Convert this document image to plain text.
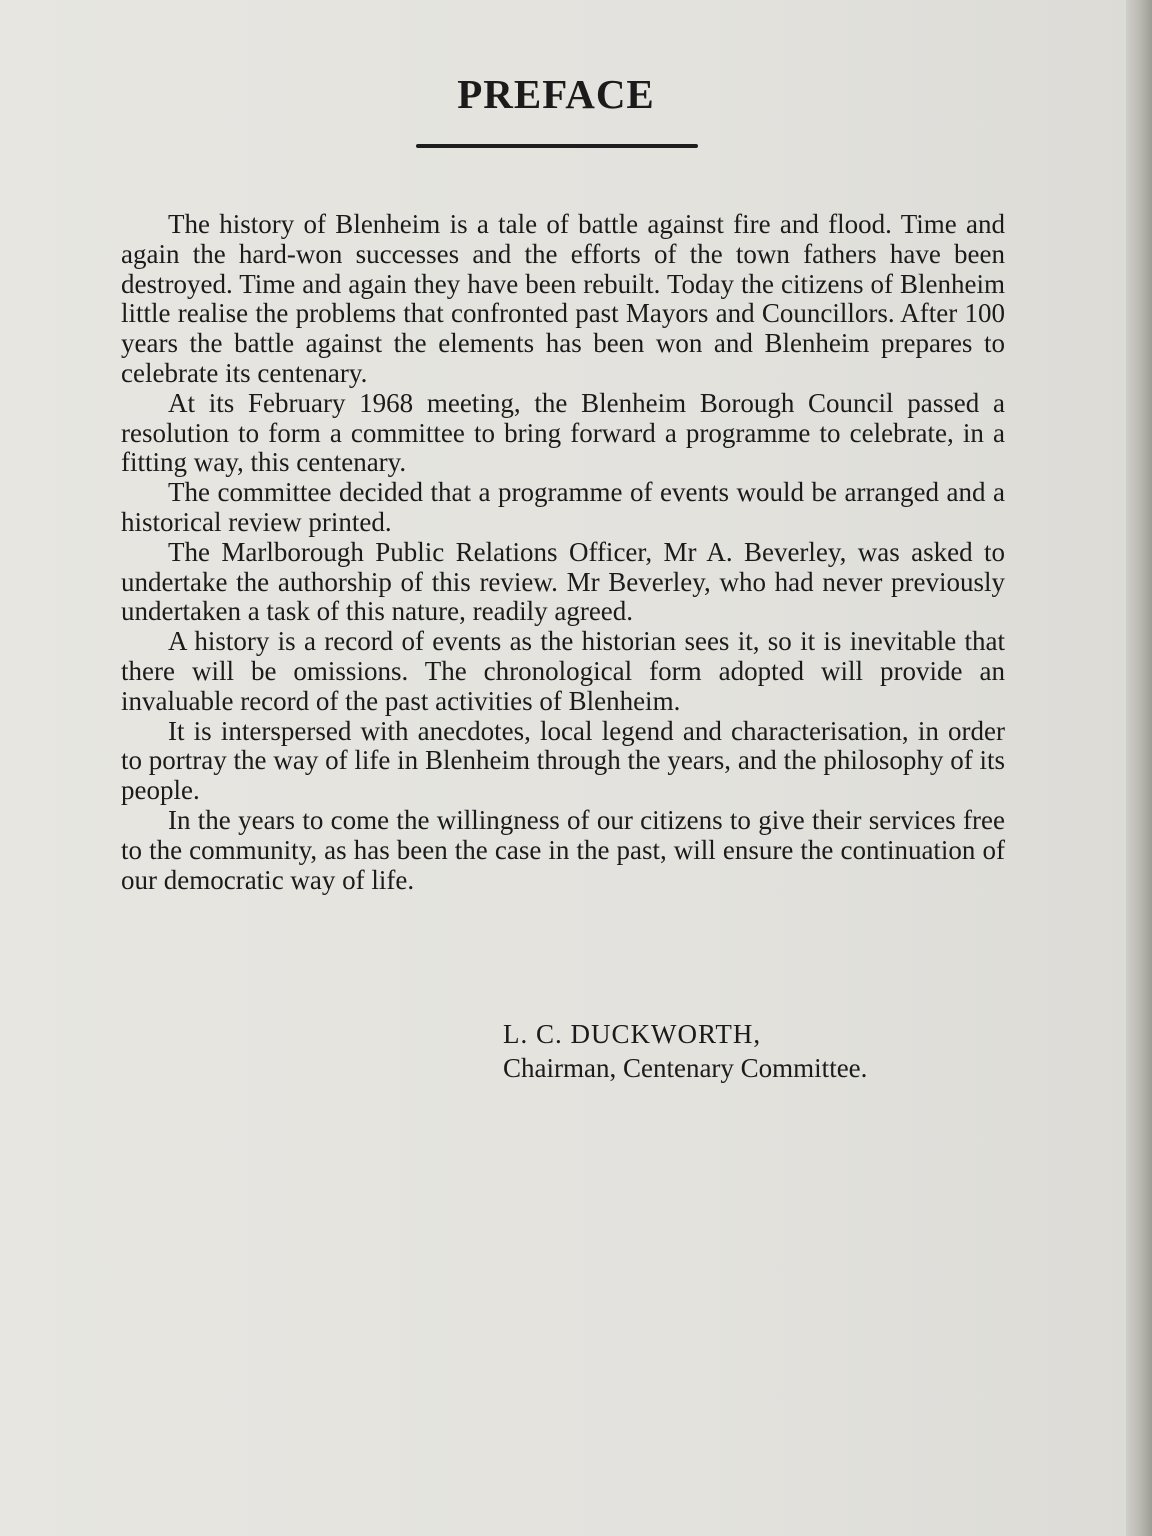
PREFACE

The history of Blenheim is a tale of battle against fire and flood. Time and again the hard-won successes and the efforts of the town fathers have been destroyed. Time and again they have been rebuilt. Today the citizens of Blenheim little realise the problems that confronted past Mayors and Councillors. After 100 years the battle against the elements has been won and Blenheim prepares to celebrate its centenary.

At its February 1968 meeting, the Blenheim Borough Council passed a resolution to form a committee to bring forward a programme to celebrate, in a fitting way, this centenary.

The committee decided that a programme of events would be arranged and a historical review printed.

The Marlborough Public Relations Officer, Mr A. Beverley, was asked to undertake the authorship of this review. Mr Beverley, who had never previously undertaken a task of this nature, readily agreed.

A history is a record of events as the historian sees it, so it is inevitable that there will be omissions. The chronological form adopted will provide an invaluable record of the past activities of Blenheim.

It is interspersed with anecdotes, local legend and characterisation, in order to portray the way of life in Blenheim through the years, and the philosophy of its people.

In the years to come the willingness of our citizens to give their services free to the community, as has been the case in the past, will ensure the continuation of our democratic way of life.

L. C. DUCKWORTH,
Chairman, Centenary Committee.
